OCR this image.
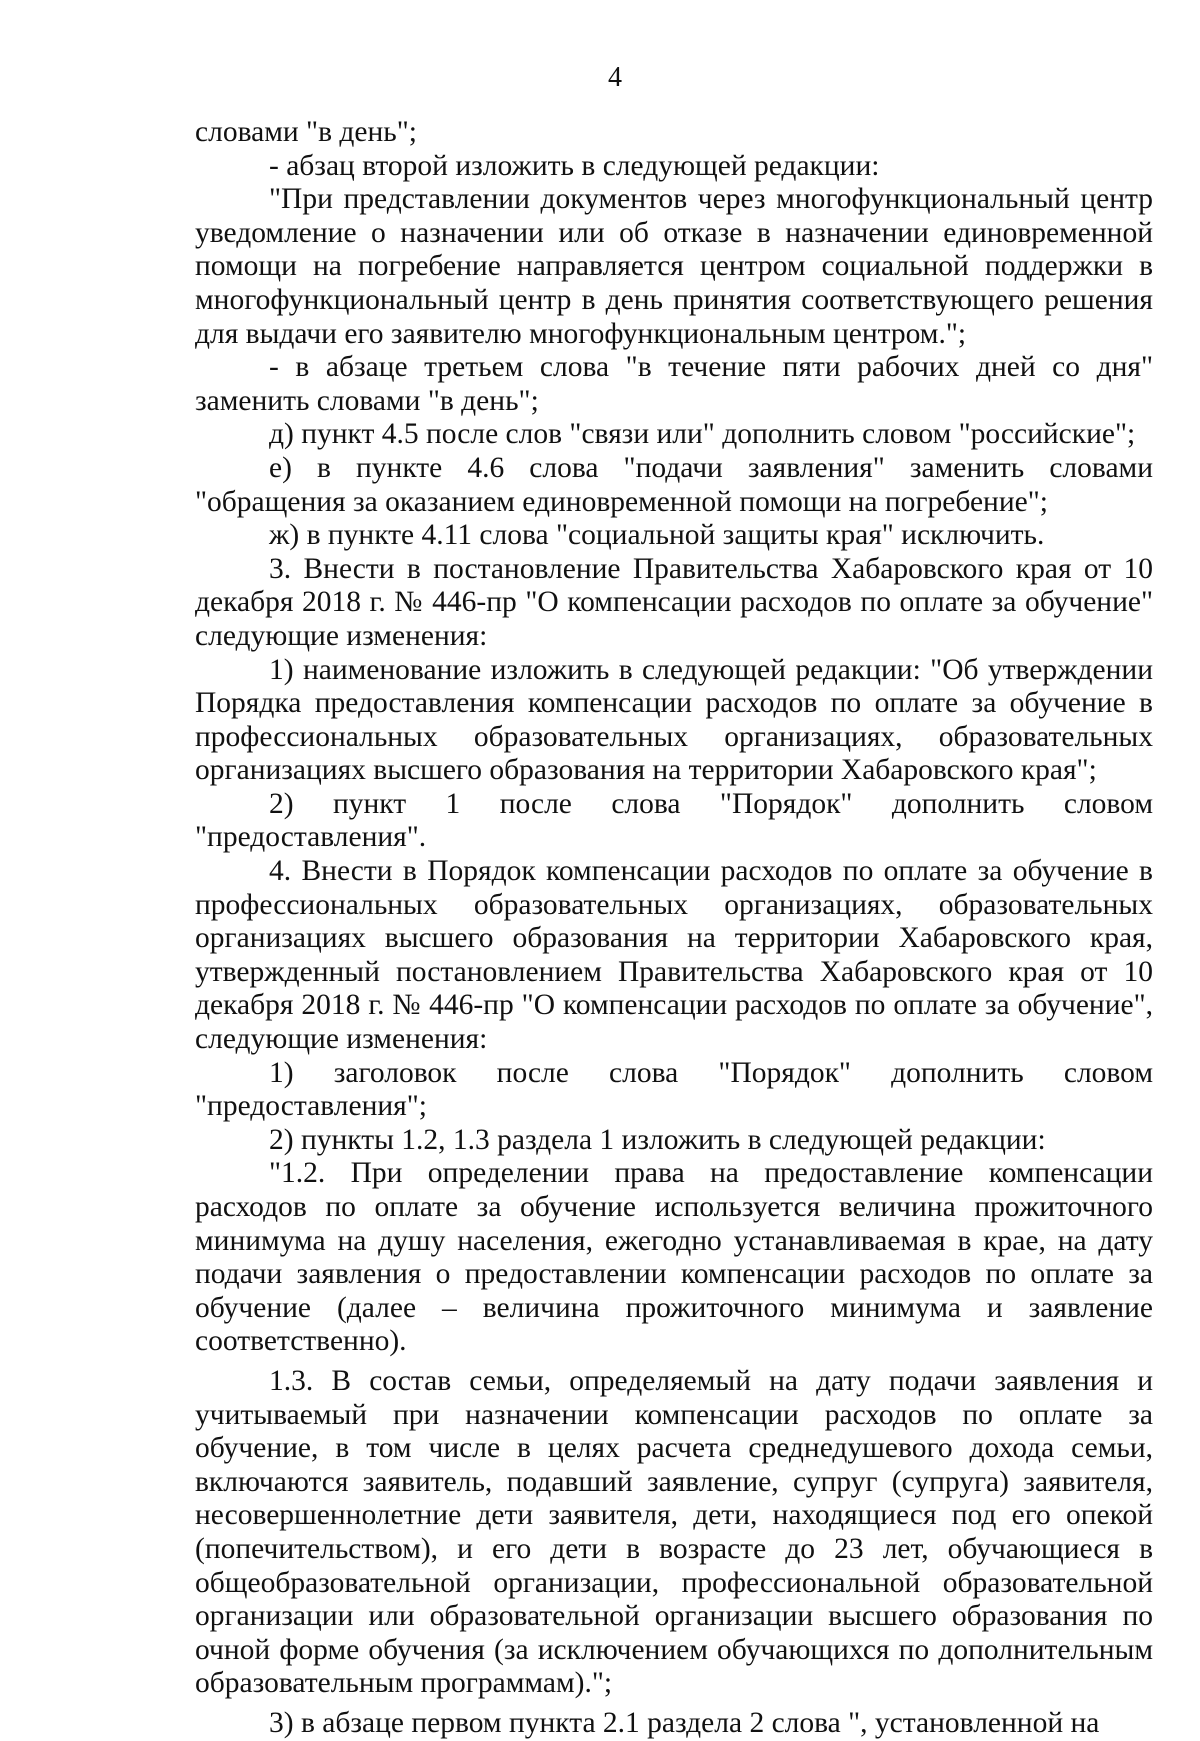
4

словами "в день";

- абзац второй изложить в следующей редакции:

"При представлении документов через многофункциональный центр уведомление о назначении или об отказе в назначении единовременной помощи на погребение направляется центром социальной поддержки в многофункциональный центр в день принятия соответствующего решения для выдачи его заявителю многофункциональным центром.";

- в абзаце третьем слова "в течение пяти рабочих дней со дня" заменить словами "в день";

д) пункт 4.5 после слов "связи или" дополнить словом "российские";

е) в пункте 4.6 слова "подачи заявления" заменить словами "обращения за оказанием единовременной помощи на погребение";

ж) в пункте 4.11 слова "социальной защиты края" исключить.

3. Внести в постановление Правительства Хабаровского края от 10 декабря 2018 г. № 446-пр "О компенсации расходов по оплате за обучение" следующие изменения:

1) наименование изложить в следующей редакции: "Об утверждении Порядка предоставления компенсации расходов по оплате за обучение в профессиональных образовательных организациях, образовательных организациях высшего образования на территории Хабаровского края";

2) пункт 1 после слова "Порядок" дополнить словом "предоставления".

4. Внести в Порядок компенсации расходов по оплате за обучение в профессиональных образовательных организациях, образовательных организациях высшего образования на территории Хабаровского края, утвержденный постановлением Правительства Хабаровского края от 10 декабря 2018 г. № 446-пр "О компенсации расходов по оплате за обучение", следующие изменения:

1) заголовок после слова "Порядок" дополнить словом "предоставления";

2) пункты 1.2, 1.3 раздела 1 изложить в следующей редакции:

"1.2. При определении права на предоставление компенсации расходов по оплате за обучение используется величина прожиточного минимума на душу населения, ежегодно устанавливаемая в крае, на дату подачи заявления о предоставлении компенсации расходов по оплате за обучение (далее – величина прожиточного минимума и заявление соответственно).

1.3. В состав семьи, определяемый на дату подачи заявления и учитываемый при назначении компенсации расходов по оплате за обучение, в том числе в целях расчета среднедушевого дохода семьи, включаются заявитель, подавший заявление, супруг (супруга) заявителя, несовершеннолетние дети заявителя, дети, находящиеся под его опекой (попечительством), и его дети в возрасте до 23 лет, обучающиеся в общеобразовательной организации, профессиональной образовательной организации или образовательной организации высшего образования по очной форме обучения (за исключением обучающихся по дополнительным образовательным программам).";

3) в абзаце первом пункта 2.1 раздела 2 слова ", установленной на
